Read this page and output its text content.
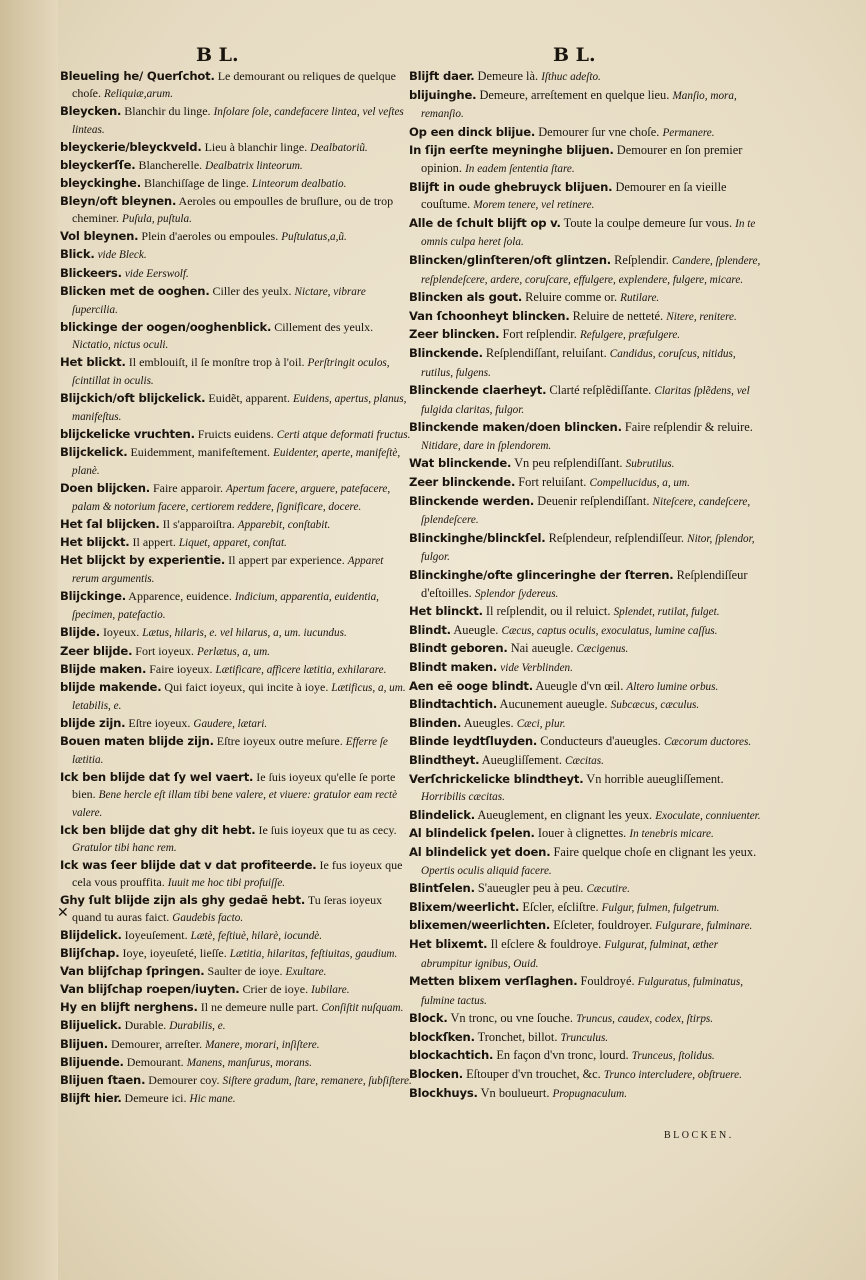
B L.	B L.

Bleueling he/ Querſchot. Le demourant ou reliques de quelque choſe. Reliquiæ,arum.

Bleycken. Blanchir du linge. Inſolare ſole, candefacere lintea, vel veſtes linteas.

bleyckerie/bleyckveld. Lieu à blanchir linge. Dealbatoriũ.

bleyckerſſe. Blancherelle. Dealbatrix linteorum.

bleyckinghe. Blanchiſſage de linge. Linteorum dealbatio.

Bleyn/oft bleynen. Aeroles ou empoulles de bruſlure, ou de trop cheminer. Puſula, puſtula.

Vol bleynen. Plein d'aeroles ou empoules. Puſtulatus,a,ũ.

Blick. vide Bleck.

Blickeers. vide Eerswolf.

Blicken met de ooghen. Ciller des yeulx. Nictare, vibrare ſupercilia.

blickinge der oogen/ooghenblick. Cillement des yeulx. Nictatio, nictus oculi.

Het blickt. Il emblouiſt, il ſe monſtre trop à l'oil. Perſtringit oculos, ſcintillat in oculis.

Blijckich/oft blijckelick. Euidẽt, apparent. Euidens, apertus, planus, manifeſtus.

blijckelicke vruchten. Fruicts euidens. Certi atque deformati fructus.

Blijckelick. Euidemment, manifeſtement. Euidenter, aperte, manifeſtè, planè.

Doen blijcken. Faire apparoir. Apertum facere, arguere, patefacere, palam & notorium facere, certiorem reddere, ſignificare, docere.

Het ſal blijcken. Il s'apparoiſtra. Apparebit, conſtabit.

Het blijckt. Il appert. Liquet, apparet, conſtat.

Het blijckt by experientie. Il appert par experience. Apparet rerum argumentis.

Blijckinge. Apparence, euidence. Indicium, apparentia, euidentia, ſpecimen, patefactio.

Blijde. Ioyeux. Lætus, hilaris, e. vel hilarus, a, um. iucundus.

Zeer blijde. Fort ioyeux. Perlætus, a, um.

Blijde maken. Faire ioyeux. Lætificare, afficere lætitia, exhilarare.

blijde makende. Qui faict ioyeux, qui incite à ioye. Lætificus, a, um. letabilis, e.

blijde zijn. Eſtre ioyeux. Gaudere, lætari.

Bouen maten blijde zijn. Eſtre ioyeux outre meſure. Efferre ſe lætitia.

Ick ben blijde dat ſy wel vaert. Ie ſuis ioyeux qu'elle ſe porte bien. Bene hercle eſt illam tibi bene valere, et viuere: gratulor eam rectè valere.

Ick ben blijde dat ghy dit hebt. Ie ſuis ioyeux que tu as cecy. Gratulor tibi hanc rem.

Ick was ſeer blijde dat v dat profiteerde. Ie fus ioyeux que cela vous prouffita. Iuuit me hoc tibi profuiſſe.

Ghy ſult blijde zijn als ghy gedaẽ hebt. Tu ſeras ioyeux quand tu auras faict. Gaudebis facto.

Blijdelick. Ioyeuſement. Lætè, feſtiuè, hilarè, iocundè.

Blijſchap. Ioye, ioyeuſeté, lieſſe. Lætitia, hilaritas, feſtiuitas, gaudium.

Van blijſchap ſpringen. Saulter de ioye. Exultare.

Van blijſchap roepen/iuyten. Crier de ioye. Iubilare.

Hy en blijft nerghens. Il ne demeure nulle part. Conſiſtit nuſquam.

Blijuelick. Durable. Durabilis, e.

Blijuen. Demourer, arreſter. Manere, morari, inſiſtere.

Blijuende. Demourant. Manens, manſurus, morans.

Blijuen ſtaen. Demourer coy. Siſtere gradum, ſtare, remanere, ſubſiſtere.

Blijft hier. Demeure ici. Hic mane.

Blijft daer. Demeure là. Iſthuc adeſto.

blijuinghe. Demeure, arreſtement en quelque lieu. Manſio, mora, remanſio.

Op een dinck blijue. Demourer ſur vne choſe. Permanere.

In ſijn eerſte meyninghe blijuen. Demourer en ſon premier opinion. In eadem ſententia ſtare.

Blijft in oude ghebruyck blijuen. Demourer en ſa vieille couſtume. Morem tenere, vel retinere.

Alle de ſchult blijft op v. Toute la coulpe demeure ſur vous. In te omnis culpa heret ſola.

Blincken/glinſteren/oft glintzen. Reſplendir. Candere, ſplendere, reſplendeſcere, ardere, coruſcare, effulgere, explendere, fulgere, micare.

Blincken als gout. Reluire comme or. Rutilare.

Van ſchoonheyt blincken. Reluire de netteté. Nitere, renitere.

Zeer blincken. Fort reſplendir. Refulgere, præfulgere.

Blinckende. Reſplendiſſant, reluiſant. Candidus, coruſcus, nitidus, rutilus, fulgens.

Blinckende claerheyt. Clarté reſplẽdiſſante. Claritas ſplẽdens, vel fulgida claritas, fulgor.

Blinckende maken/doen blincken. Faire reſplendir & reluire. Nitidare, dare in ſplendorem.

Wat blinckende. Vn peu reſplendiſſant. Subrutilus.

Zeer blinckende. Fort reluiſant. Compellucidus, a, um.

Blinckende werden. Deuenir reſplendiſſant. Niteſcere, candeſcere, ſplendeſcere.

Blinckinghe/blinckſel. Reſplendeur, reſplendiſſeur. Nitor, ſplendor, fulgor.

Blinckinghe/ofte glinceringhe der ſterren. Reſplendiſſeur d'eſtoilles. Splendor ſydereus.

Het blinckt. Il reſplendit, ou il reluict. Splendet, rutilat, fulget.

Blindt. Aueugle. Cæcus, captus oculis, exoculatus, lumine caſſus.

Blindt geboren. Nai aueugle. Cæcigenus.

Blindt maken. vide Verblinden.

Aen eẽ ooge blindt. Aueugle d'vn œil. Altero lumine orbus.

Blindtachtich. Aucunement aueugle. Subcæcus, cæculus.

Blinden. Aueugles. Cæci, plur.

Blinde leydtſluyden. Conducteurs d'aueugles. Cæcorum ductores.

Blindtheyt. Aueugliſſement. Cæcitas.

Verſchrickelicke blindtheyt. Vn horrible aueugliſſement. Horribilis cæcitas.

Blindelick. Aueuglement, en clignant les yeux. Exoculate, conniuenter.

Al blindelick ſpelen. Iouer à clignettes. In tenebris micare.

Al blindelick yet doen. Faire quelque choſe en clignant les yeux. Opertis oculis aliquid facere.

Blintſelen. S'aueugler peu à peu. Cæcutire.

Blixem/weerlicht. Eſcler, eſcliſtre. Fulgur, fulmen, fulgetrum.

blixemen/weerlichten. Eſcleter, fouldroyer. Fulgurare, fulminare.

Het blixemt. Il eſclere & fouldroye. Fulgurat, fulminat, æther abrumpitur ignibus, Ouid.

Metten blixem verſlaghen. Fouldroyé. Fulguratus, fulminatus, fulmine tactus.

Block. Vn tronc, ou vne ſouche. Truncus, caudex, codex, ſtirps.

blockſken. Tronchet, billot. Trunculus.

blockachtich. En façon d'vn tronc, lourd. Trunceus, ſtolidus.

Blocken. Eſtouper d'vn trouchet, &c. Trunco intercludere, obſtruere.

Blockhuys. Vn boulueurt. Propugnaculum.

✕
BLOCKEN.
